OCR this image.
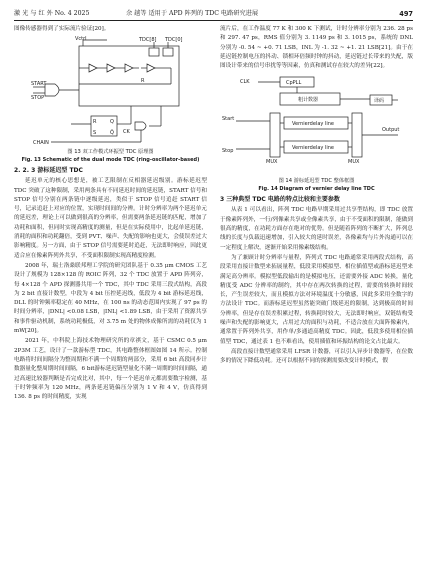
激 光 与 红 外 No. 4 2025	余 越等 适用于 APD 阵列的 TDC 电路研究进展	497

图像传感器得到了实际流片验证[20]。

Vctrl	TDC[8] TDC[0]
START
STOP
CK
CHAIN
R
S
Q
Q̄
R
图 13 双工作模式环振型 TDC 原理图
Fig. 13 Schematic of the dual mode TDC (ring-oscillator-based)
2. 2. 3 游标延迟型 TDC

延迟单元的核心思想是，被工艺限制在反相器延迟级别。游标延迟型 TDC 突破了这种限制，采用两条具有不同延迟时间的延迟链，START 信号和 STOP 信号分别在两条链中逐级延迟，类似于 STOP 信号追赶 START 信号，记录追赶上对应的位置，实现时间间的分辨。计时分辨率为两个延迟单元的延迟差，理论上可以做到很高的分辨率，但需要两条延迟链的匹配，增加了功耗和面积，但同时实现高精度的测量，但是在实际使用中，比起单延迟链，消耗的面积和功耗翻倍，受到 PVT、噪声、失配的影响也更大，会使误差过大影响精度。另一方面，由于 STOP 信号需要延时追赶，无法即时响应，因此更适合应在像素阵列外共享，不受面积限制实现高精度检测。

2008 年，瑞士洛桑联邦理工学院的研究团队基于 0.35 μm CMOS 工艺设计了规模为 128×128 的 ROIC 阵列，32 个 TDC 放置于 APD 阵列旁，每 4×128 个 APD 探测器共用一个 TDC，其中 TDC 采用三段式结构，高段为 2 bit 直接计数型，中段为 4 bit 压控延迟线，低段为 4 bit 游标延迟线，DLL 的时钟频率稳定在 40 MHz，在 100 ns 的动态范围内实现了 97 ps 的时间分辨率，|DNL| <0.08 LSB，|INL| <1.89 LSB，由于采用了资源共享和事件驱动机制，系统功耗极低，对 3.75 m 处的物体成像所需的功耗仅为 1 mW[20]。

2021 年，中科院上海技术物理研究所的章祺文，基于 CSMC 0.5 μm 2P3M 工艺，设计了一款游标型 TDC，其电路整体框图如图 14 所示。控制电路将时间间隔分为整周期和不满一个周期的两部分，采用 6 bit 高段同步计数器量化整周期时间间隔，6 bit游标延迟链型量化不满一周期的时间间隔，通过高速比较器判断是否完成比对，其中，每一个延迟单元都需要数字检测，基于时钟频率为 120 MHz，两条延迟链偏压分别为 1 V 和 4 V，仿真得到 136. 8 ps 的时间精度，实现

流片后，在工作温度 77 K 和 300 K 下测试，计时分辨率分别为 236. 28 ps 和 297. 47 ps，RMS 值分别为 3. 1149 ps 和 3. 1015 ps，系统的 DNL 分别为 -0. 54 ~ +0. 71 LSB，INL 为 -1. 32 ~ +1. 21 LSB[21]。由于在延迟链控制电压的抖动、锁相环倍频时钟的抖动，延迟链过长带来的失配，版图设计带来的信号串扰等等因素，仿真和测试存在较大的差异[22]。

CLK	CpPLL
粗计数器
Start
Stop
MUX	MUX
Vernierdelay line
Vernierdelay line
译码
Output
图 14 游标延迟型 TDC 整体框图
Fig. 14 Diagram of vernier delay line TDC
3 三种典型 TDC 电路的特点比较和主要参数

从表 1 可以看出，阵列 TDC 电路早期采用过共享型结构，即 TDC 放置于像素阵列外，一行/列像素共享或全像素共享，由于不受面积的限制，能做到很高的精度，在功耗方面存在绝对的优势。但是随着阵列的不断扩大，阵列总线的长度与负载迅速增加，引入较大的延时误差，各像素均与片外沟通可以在一定程度上解决，逐渐开始采用像素级结构。

为了兼顾计时分辨率与量程，阵列式 TDC 电路通常采用两段式结构，高段采用直接计数型来拓展量程，低段采用模拟型、相位插值型或游标延迟型来满足高分辨率。模拟型低段输出的是模拟电压，还需要外接 ADC 转换，量化精度受 ADC 分辨率的制约，其中存在两次转换的过程，需要的转换时间较长，产生误差较大，而且模拟方法对环境温度十分敏感，因此多采用全数字的方法设计 TDC。而游标延迟型虽然能突破门级延迟的限制，达到极高的时间分辨率，但是存在误差积累过程，转换耗时较大，无法即时响应，双链结构受噪声和失配的影响更大，占用过大的面积与功耗，不适合放在大面阵像素内，通常置于阵列外共享，用作单/多通道高精度 TDC。因此，低段多使用相位插值型 TDC，通过表 1 也不难看出，使用插值和环振结构的论文占比最大。

高段直接计数型通常采用 LFSR 计数器，可以引入异步计数器等，在位数多的情况下降低功耗。还可以根据不同的探测需要改变计时模式，假
